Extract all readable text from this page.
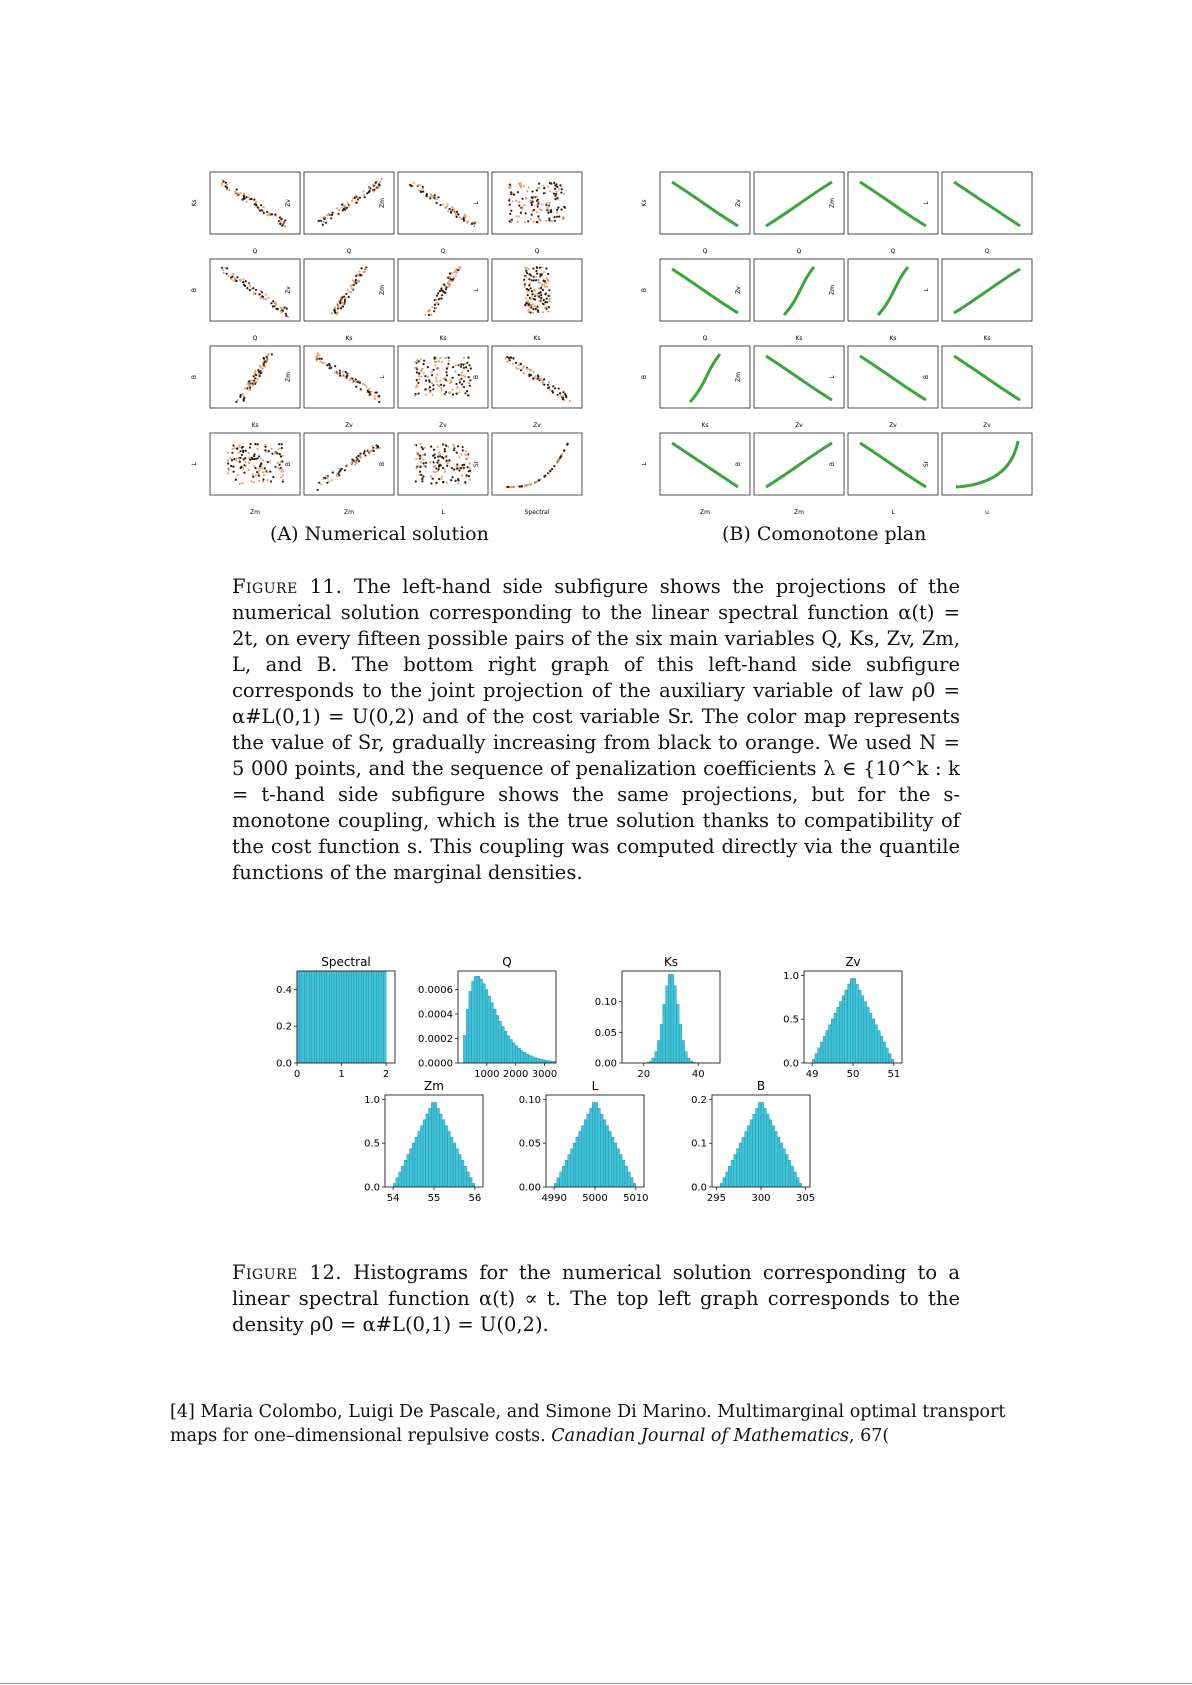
Q
Ks
Q
Zv
Q
Zm
Q
L
Q
B
Ks
Zv
Ks
Zm
Ks
L
Ks
B
Zv
Zm
Zv
L
Zv
B
Zm
L
Zm
B
L
B
Spectral
Sr
Q
Ks
Q
Zv
Q
Zm
Q
L
Q
B
Ks
Zv
Ks
Zm
Ks
L
Ks
B
Zv
Zm
Zv
L
Zv
B
Zm
L
Zm
B
L
B
u
Sr
(A) Numerical solution	(B) Comonotone plan
Figure 11. The left-hand side subfigure shows the projections of the numerical solution corresponding to the linear spectral function α(t) = 2t, on every fifteen possible pairs of the six main variables Q, Ks, Zv, Zm, L, and B. The bottom right graph of this left-hand side subfigure corresponds to the joint projection of the auxiliary variable of law ρ0 = α#L(0,1) = U(0,2) and of the cost variable Sr. The color map represents the value of Sr, gradually increasing from black to orange. We used N = 5 000 points, and the sequence of penalization coefficients λ ∈ {10^k : k = t-hand side subfigure shows the same projections, but for the s-monotone coupling, which is the true solution thanks to compatibility of the cost function s. This coupling was computed directly via the quantile functions of the marginal densities.
Spectral
0	1	2
0.0
0.2
0.4
Q
1000 2000 3000
0.0000
0.0002
0.0004
0.0006
Ks
20	40
0.00
0.05
0.10
Zv
49	50	51
0.0
0.5
1.0
Zm
54	55	56
0.0
0.5
1.0
L
4990 5000 5010
0.00
0.05
0.10
B
295	300	305
0.0
0.1
0.2
Figure 12. Histograms for the numerical solution corresponding to a linear spectral function α(t) ∝ t. The top left graph corresponds to the density ρ0 = α#L(0,1) = U(0,2).
[4] Maria Colombo, Luigi De Pascale, and Simone Di Marino. Multimarginal optimal transport maps for one–dimensional repulsive costs. Canadian Journal of Mathematics, 67(
